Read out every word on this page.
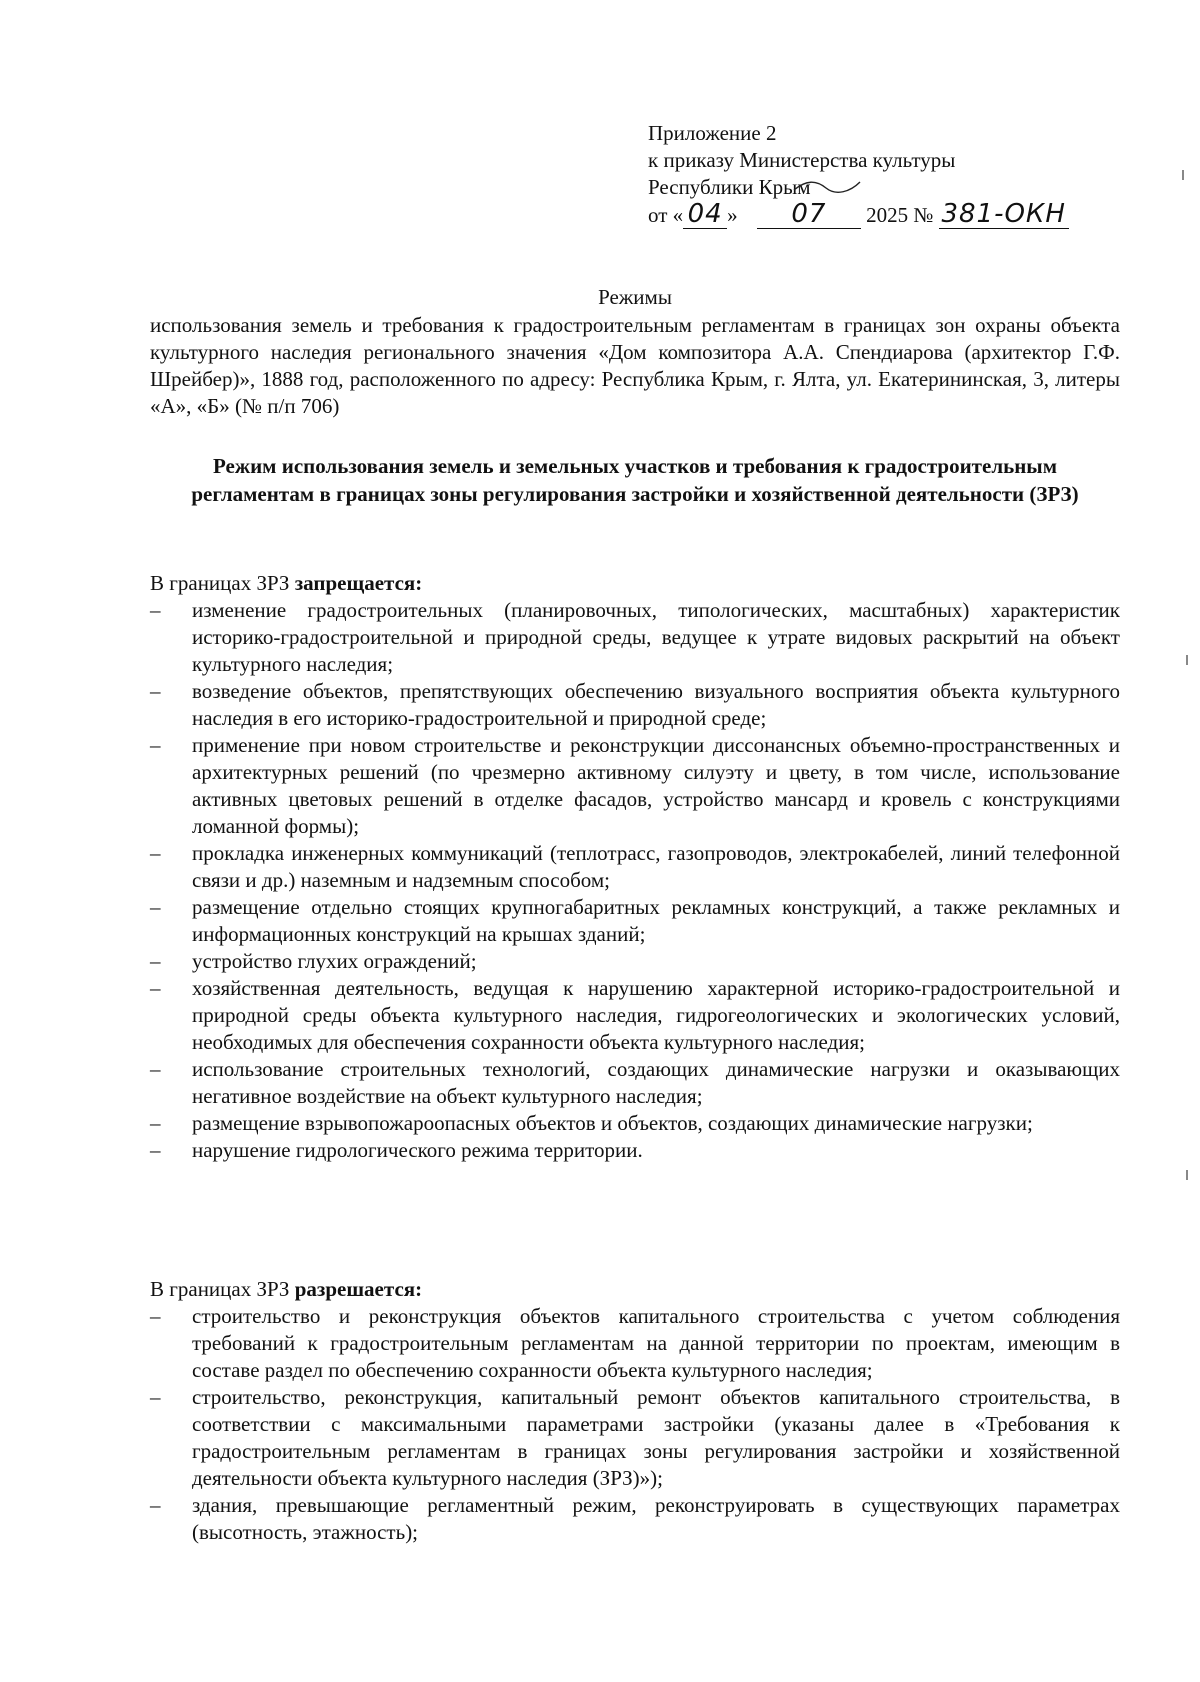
Приложение 2
к приказу Министерства культуры
Республики Крым
от « 04 » 07 2025 № 381-ОКН
Режимы
использования земель и требования к градостроительным регламентам в границах зон охраны объекта культурного наследия регионального значения «Дом композитора А.А. Спендиарова (архитектор Г.Ф. Шрейбер)», 1888 год, расположенного по адресу: Республика Крым, г. Ялта, ул. Екатерининская, 3, литеры «А», «Б» (№ п/п 706)
Режим использования земель и земельных участков и требования к градостроительным регламентам в границах зоны регулирования застройки и хозяйственной деятельности (ЗРЗ)
В границах ЗРЗ запрещается:
– изменение градостроительных (планировочных, типологических, масштабных) характеристик историко-градостроительной и природной среды, ведущее к утрате видовых раскрытий на объект культурного наследия;
– возведение объектов, препятствующих обеспечению визуального восприятия объекта культурного наследия в его историко-градостроительной и природной среде;
– применение при новом строительстве и реконструкции диссонансных объемно-пространственных и архитектурных решений (по чрезмерно активному силуэту и цвету, в том числе, использование активных цветовых решений в отделке фасадов, устройство мансард и кровель с конструкциями ломанной формы);
– прокладка инженерных коммуникаций (теплотрасс, газопроводов, электрокабелей, линий телефонной связи и др.) наземным и надземным способом;
– размещение отдельно стоящих крупногабаритных рекламных конструкций, а также рекламных и информационных конструкций на крышах зданий;
– устройство глухих ограждений;
– хозяйственная деятельность, ведущая к нарушению характерной историко-градостроительной и природной среды объекта культурного наследия, гидрогеологических и экологических условий, необходимых для обеспечения сохранности объекта культурного наследия;
– использование строительных технологий, создающих динамические нагрузки и оказывающих негативное воздействие на объект культурного наследия;
– размещение взрывопожароопасных объектов и объектов, создающих динамические нагрузки;
– нарушение гидрологического режима территории.
В границах ЗРЗ разрешается:
– строительство и реконструкция объектов капитального строительства с учетом соблюдения требований к градостроительным регламентам на данной территории по проектам, имеющим в составе раздел по обеспечению сохранности объекта культурного наследия;
– строительство, реконструкция, капитальный ремонт объектов капитального строительства, в соответствии с максимальными параметрами застройки (указаны далее в «Требования к градостроительным регламентам в границах зоны регулирования застройки и хозяйственной деятельности объекта культурного наследия (ЗРЗ)»);
– здания, превышающие регламентный режим, реконструировать в существующих параметрах (высотность, этажность);
